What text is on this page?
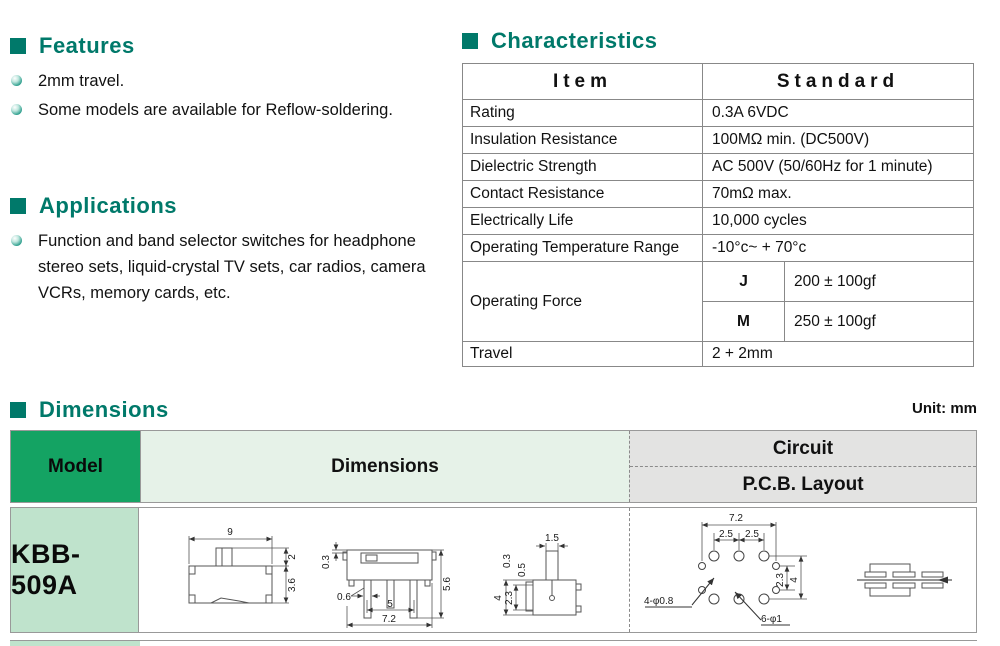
Features
2mm travel.
Some models are available for Reflow-soldering.
Applications
Function and band selector switches for headphone stereo sets, liquid-crystal TV sets, car radios, camera VCRs, memory cards, etc.
Characteristics
Item	Standard	
Rating	0.3A 6VDC	
Insulation Resistance	100MΩ min. (DC500V)	
Dielectric Strength	AC 500V (50/60Hz for 1 minute)	
Contact Resistance	70mΩ max.	
Electrically Life	10,000 cycles	
Operating Temperature Range	-10°c~ + 70°c	
Operating Force	J	200 ± 100gf
	M	250 ± 100gf
Travel	2 + 2mm	
Dimensions	Unit: mm
Model	Dimensions
Circuit
P.C.B. Layout
KBB-509A
9
2
3.6
0.3
0.6
5
7.2
5.6
1.5
0.3
0.5
4 2.3
7.2
2.5 2.5
2.3 4
4-φ0.8
6-φ1
